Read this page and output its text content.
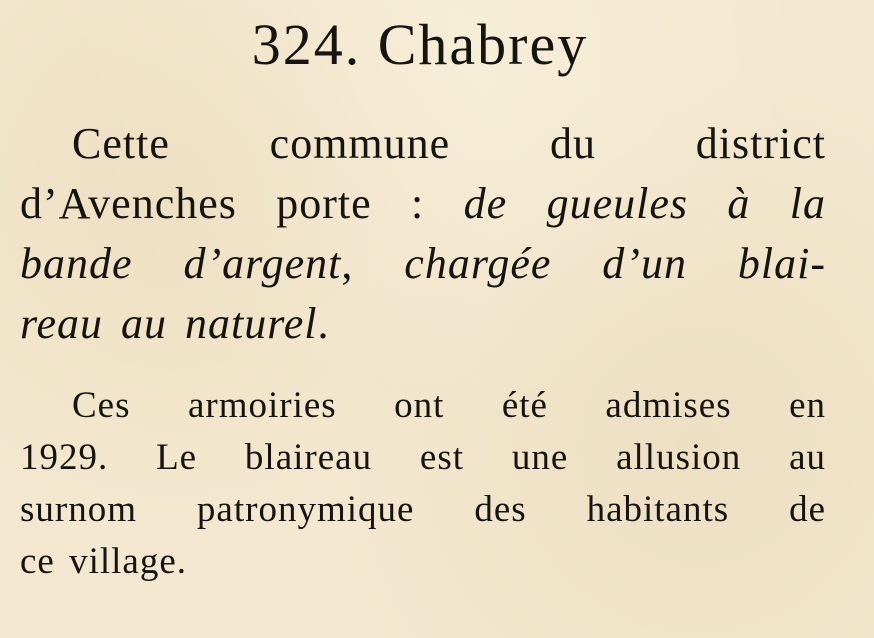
324. Chabrey
Cette commune du district
d’Avenches porte : de gueules à la
bande d’argent, chargée d’un blai-
reau au naturel.
Ces armoiries ont été admises en
1929. Le blaireau est une allusion au
surnom patronymique des habitants de
ce village.
